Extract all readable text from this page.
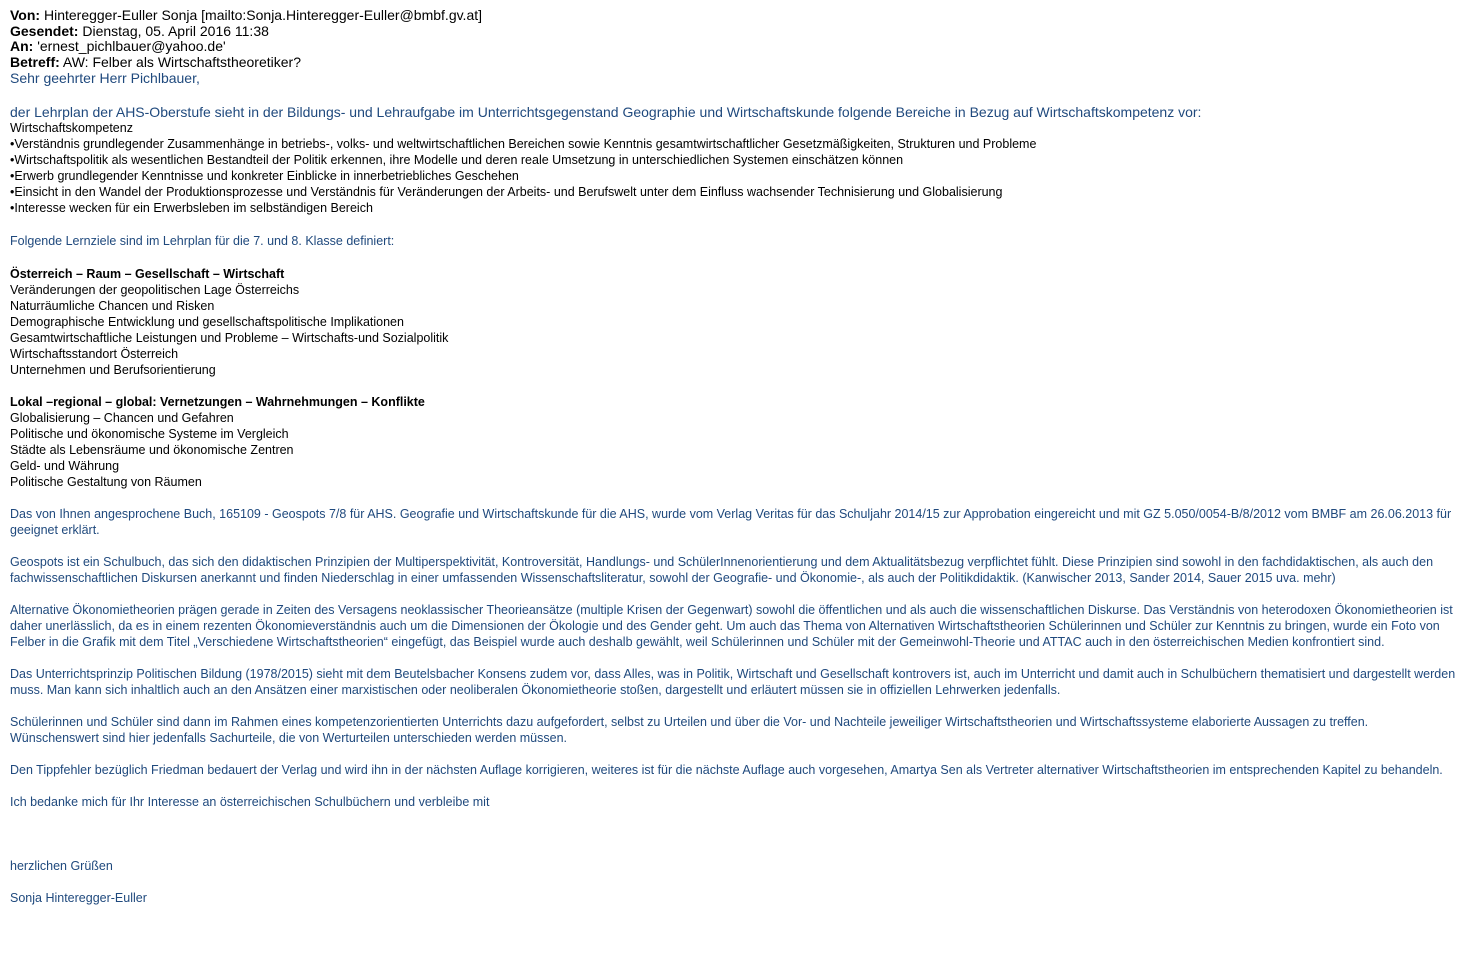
Von: Hinteregger-Euller Sonja [mailto:Sonja.Hinteregger-Euller@bmbf.gv.at]
Gesendet: Dienstag, 05. April 2016 11:38
An: 'ernest_pichlbauer@yahoo.de'
Betreff: AW: Felber als Wirtschaftstheoretiker?
Sehr geehrter Herr Pichlbauer,
der Lehrplan der AHS-Oberstufe sieht in der Bildungs- und Lehraufgabe im Unterrichtsgegenstand Geographie und Wirtschaftskunde folgende Bereiche in Bezug auf Wirtschaftskompetenz vor:
Wirtschaftskompetenz
•Verständnis grundlegender Zusammenhänge in betriebs-, volks- und weltwirtschaftlichen Bereichen sowie Kenntnis gesamtwirtschaftlicher Gesetzmäßigkeiten, Strukturen und Probleme
•Wirtschaftspolitik als wesentlichen Bestandteil der Politik erkennen, ihre Modelle und deren reale Umsetzung in unterschiedlichen Systemen einschätzen können
•Erwerb grundlegender Kenntnisse und konkreter Einblicke in innerbetriebliches Geschehen
•Einsicht in den Wandel der Produktionsprozesse und Verständnis für Veränderungen der Arbeits- und Berufswelt unter dem Einfluss wachsender Technisierung und Globalisierung
•Interesse wecken für ein Erwerbsleben im selbständigen Bereich
Folgende Lernziele sind im Lehrplan für die 7. und 8. Klasse definiert:
Österreich – Raum – Gesellschaft – Wirtschaft
Veränderungen der geopolitischen Lage Österreichs
Naturräumliche Chancen und Risken
Demographische Entwicklung und gesellschaftspolitische Implikationen
Gesamtwirtschaftliche Leistungen und Probleme – Wirtschafts-und Sozialpolitik
Wirtschaftsstandort Österreich
Unternehmen und Berufsorientierung
Lokal –regional – global: Vernetzungen – Wahrnehmungen – Konflikte
Globalisierung – Chancen und Gefahren
Politische und ökonomische Systeme im Vergleich
Städte als Lebensräume und ökonomische Zentren
Geld- und Währung
Politische Gestaltung von Räumen
Das von Ihnen angesprochene Buch, 165109 - Geospots 7/8 für AHS. Geografie und Wirtschaftskunde für die AHS, wurde vom Verlag Veritas für das Schuljahr 2014/15 zur Approbation eingereicht und mit GZ 5.050/0054-B/8/2012 vom BMBF am 26.06.2013 für geeignet erklärt.
Geospots ist ein Schulbuch, das sich den didaktischen Prinzipien der Multiperspektivität, Kontroversität, Handlungs- und SchülerInnenorientierung und dem Aktualitätsbezug verpflichtet fühlt. Diese Prinzipien sind sowohl in den fachdidaktischen, als auch den fachwissenschaftlichen Diskursen anerkannt und finden Niederschlag in einer umfassenden Wissenschaftsliteratur, sowohl der Geografie- und Ökonomie-, als auch der Politikdidaktik. (Kanwischer 2013, Sander 2014, Sauer 2015 uva. mehr)
Alternative Ökonomietheorien prägen gerade in Zeiten des Versagens neoklassischer Theorieansätze (multiple Krisen der Gegenwart) sowohl die öffentlichen und als auch die wissenschaftlichen Diskurse. Das Verständnis von heterodoxen Ökonomietheorien ist daher unerlässlich, da es in einem rezenten Ökonomieverständnis auch um die Dimensionen der Ökologie und des Gender geht. Um auch das Thema von Alternativen Wirtschaftstheorien Schülerinnen und Schüler zur Kenntnis zu bringen, wurde ein Foto von Felber in die Grafik mit dem Titel „Verschiedene Wirtschaftstheorien“ eingefügt, das Beispiel wurde auch deshalb gewählt, weil Schülerinnen und Schüler mit der Gemeinwohl-Theorie und ATTAC auch in den österreichischen Medien konfrontiert sind.
Das Unterrichtsprinzip Politischen Bildung (1978/2015) sieht mit dem Beutelsbacher Konsens zudem vor, dass Alles, was in Politik, Wirtschaft und Gesellschaft kontrovers ist, auch im Unterricht und damit auch in Schulbüchern thematisiert und dargestellt werden muss. Man kann sich inhaltlich auch an den Ansätzen einer marxistischen oder neoliberalen Ökonomietheorie stoßen, dargestellt und erläutert müssen sie in offiziellen Lehrwerken jedenfalls.
Schülerinnen und Schüler sind dann im Rahmen eines kompetenzorientierten Unterrichts dazu aufgefordert, selbst zu Urteilen und über die Vor- und Nachteile jeweiliger Wirtschaftstheorien und Wirtschaftssysteme elaborierte Aussagen zu treffen. Wünschenswert sind hier jedenfalls Sachurteile, die von Werturteilen unterschieden werden müssen.
Den Tippfehler bezüglich Friedman bedauert der Verlag und wird ihn in der nächsten Auflage korrigieren, weiteres ist für die nächste Auflage auch vorgesehen, Amartya Sen als Vertreter alternativer Wirtschaftstheorien im entsprechenden Kapitel zu behandeln.
Ich bedanke mich für Ihr Interesse an österreichischen Schulbüchern und verbleibe mit
herzlichen Grüßen
Sonja Hinteregger-Euller
